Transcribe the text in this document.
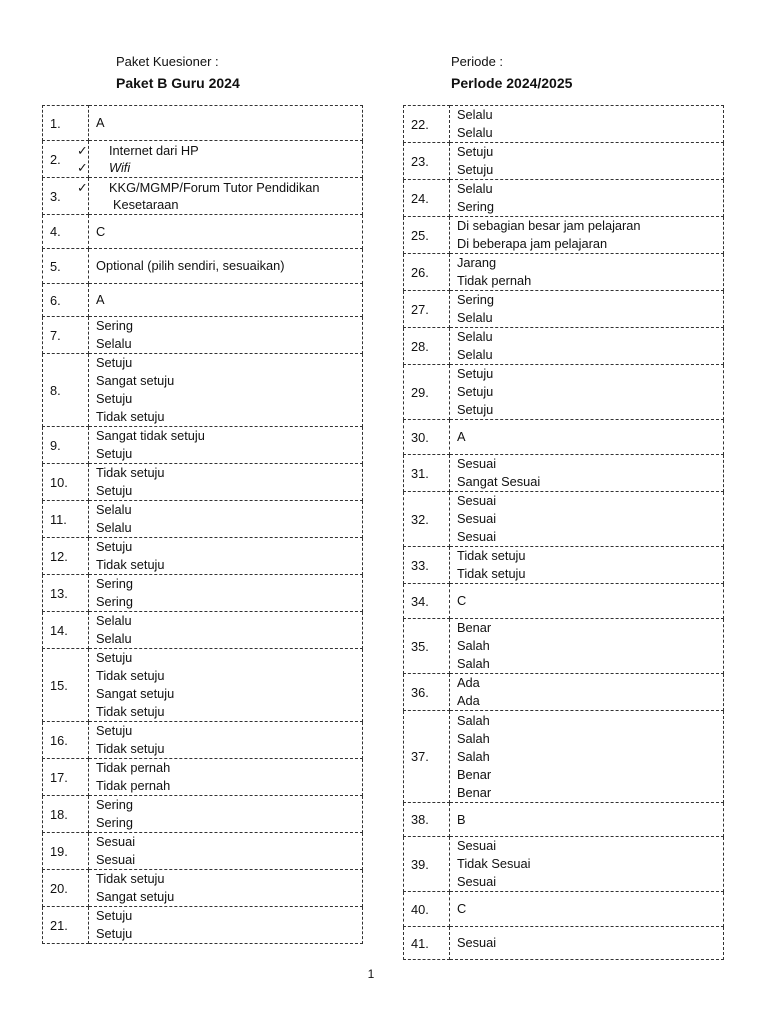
Paket Kuesioner :
Paket B Guru 2024
Periode :
Perlode 2024/2025
1.	A

2.	
✓ Internet dari HP
✓ Wifi

3.	
✓ KKG/MGMP/Forum Tutor Pendidikan Kesetaraan

4.	C

5.	Optional (pilih sendiri, sesuaikan)

6.	A

7.	Sering
Selalu

8.	Setuju
Sangat setuju
Setuju
Tidak setuju

9.	Sangat tidak setuju
Setuju

10.	Tidak setuju
Setuju

11.	Selalu
Selalu

12.	Setuju
Tidak setuju

13.	Sering
Sering

14.	Selalu
Selalu

15.	Setuju
Tidak setuju
Sangat setuju
Tidak setuju

16.	Setuju
Tidak setuju

17.	Tidak pernah
Tidak pernah

18.	Sering
Sering

19.	Sesuai
Sesuai

20.	Tidak setuju
Sangat setuju

21.	Setuju
Setuju
22.	Selalu
Selalu

23.	Setuju
Setuju

24.	Selalu
Sering

25.	Di sebagian besar jam pelajaran
Di beberapa jam pelajaran

26.	Jarang
Tidak pernah

27.	Sering
Selalu

28.	Selalu
Selalu

29.	Setuju
Setuju
Setuju

30.	A

31.	Sesuai
Sangat Sesuai

32.	Sesuai
Sesuai
Sesuai

33.	Tidak setuju
Tidak setuju

34.	C

35.	Benar
Salah
Salah

36.	Ada
Ada

37.	Salah
Salah
Salah
Benar
Benar

38.	B

39.	Sesuai
Tidak Sesuai
Sesuai

40.	C

41.	Sesuai
1
